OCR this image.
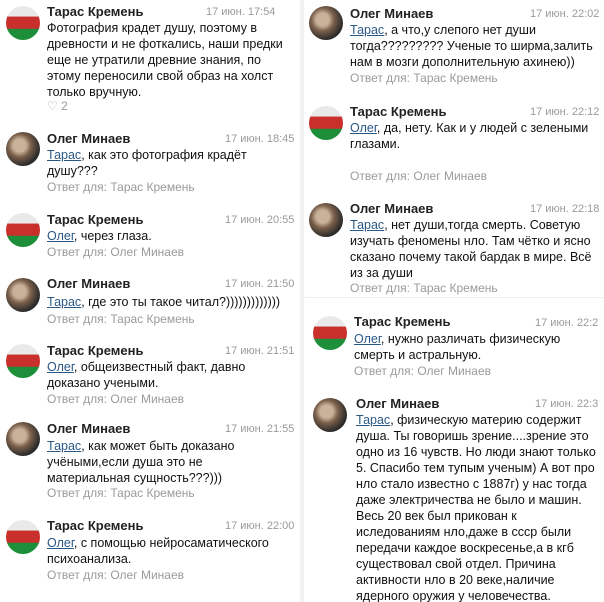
Тарас Кремень	17 июн. 17:54
Фотография крадет душу, поэтому в древности и не фоткались, наши предки еще не утратили древние знания, по этому переносили свой образ на холст только вручную.
♡ 2
Олег Минаев	17 июн. 18:45
Тарас, как это фотография крадёт душу???
Ответ для: Тарас Кремень
Тарас Кремень	17 июн. 20:55
Олег, через глаза.
Ответ для: Олег Минаев
Олег Минаев	17 июн. 21:50
Тарас, где это ты такое читал?)))))))))))))
Ответ для: Тарас Кремень
Тарас Кремень	17 июн. 21:51
Олег, общеизвестный факт, давно доказано учеными.
Ответ для: Олег Минаев
Олег Минаев	17 июн. 21:55
Тарас, как может быть доказано учёными,если душа это не материальная сущность???)))
Ответ для: Тарас Кремень
Тарас Кремень	17 июн. 22:00
Олег, с помощью нейросаматического психоанализа.
Ответ для: Олег Минаев
Олег Минаев	17 июн. 22:02
Тарас, а что,у слепого нет души тогда????????? Ученые то ширма,залить нам в мозги дополнительную ахинею))
Ответ для: Тарас Кремень
Тарас Кремень	17 июн. 22:12
Олег, да, нету. Как и у людей с зелеными глазами.
Ответ для: Олег Минаев
Олег Минаев	17 июн. 22:18
Тарас, нет души,тогда смерть. Советую изучать феномены нло. Там чётко и ясно сказано почему такой бардак в мире. Всё из за души
Ответ для: Тарас Кремень
Тарас Кремень	17 июн. 22:2
Олег, нужно различать физическую смерть и астральную.
Ответ для: Олег Минаев
Олег Минаев	17 июн. 22:3
Тарас, физическую материю содержит душа. Ты говоришь зрение....зрение это одно из 16 чувств. Но люди знают только 5. Спасибо тем тупым ученым) А вот про нло стало известно с 1887г) у нас тогда даже электричества не было и машин. Весь 20 век был прикован к иследованиям нло,даже в ссср были передачи каждое воскресенье,а в кгб существовал свой отдел. Причина активности нло в 20 веке,наличие ядерного оружия у человечества.
